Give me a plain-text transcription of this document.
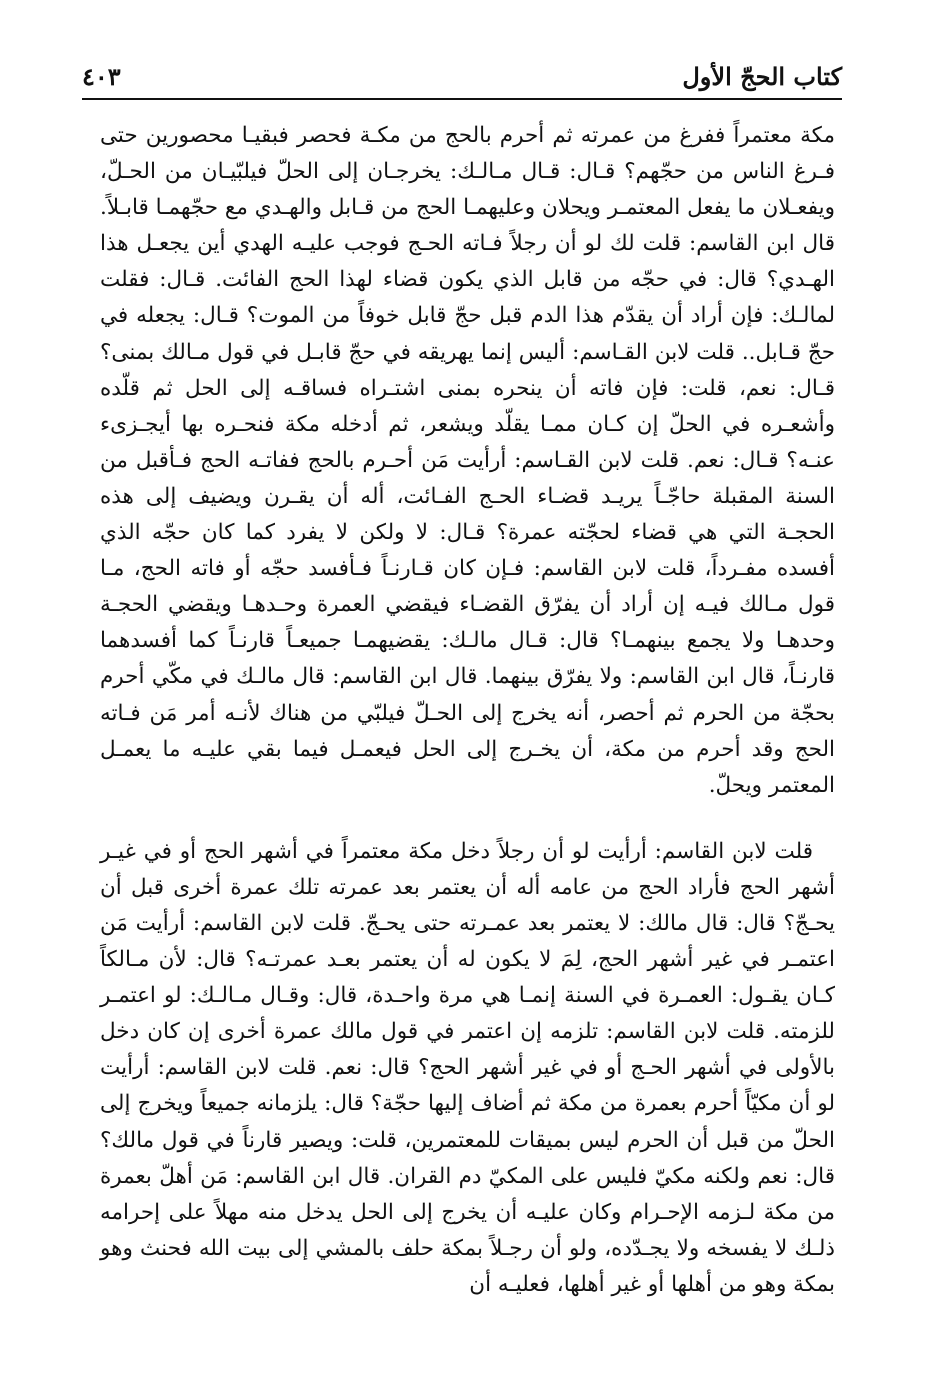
كتاب الحجّ الأول
٤٠٣

مكة معتمراً ففرغ من عمرته ثم أحرم بالحج من مكـة فحصر فبقيـا محصورين حتى فـرغ الناس من حجّهم؟ قـال: قـال مـالـك: يخرجـان إلى الحلّ فيلبّيـان من الحـلّ، ويفعـلان ما يفعل المعتمـر ويحلان وعليهمـا الحج من قـابل والهـدي مع حجّهمـا قابـلاً. قال ابن القاسم: قلت لك لو أن رجلاً فـاته الحـج فوجب عليـه الهدي أين يجعـل هذا الهـدي؟ قال: في حجّه من قابل الذي يكون قضاء لهذا الحج الفائت. قـال: فقلت لمالـك: فإن أراد أن يقدّم هذا الدم قبل حجّ قابل خوفاً من الموت؟ قـال: يجعله في حجّ قـابل.. قلت لابن القـاسم: أليس إنما يهريقه في حجّ قابـل في قول مـالك بمنى؟ قـال: نعم، قلت: فإن فاته أن ينحره بمنى اشتـراه فساقـه إلى الحل ثم قلّده وأشعـره في الحلّ إن كـان ممـا يقلّد ويشعر، ثم أدخله مكة فنحـره بها أيجـزىء عنـه؟ قـال: نعم. قلت لابن القـاسم: أرأيت مَن أحـرم بالحج ففاتـه الحج فـأقبل من السنة المقبلة حاجّـاً يريـد قضـاء الحـج الفـائت، أله أن يقـرن ويضيف إلى هذه الحجـة التي هي قضاء لحجّته عمرة؟ قـال: لا ولكن لا يفرد كما كان حجّه الذي أفسده مفـرداً، قلت لابن القاسم: فـإن كان قـارنـاً فـأفسد حجّه أو فاته الحج، مـا قول مـالك فيـه إن أراد أن يفرّق القضـاء فيقضي العمرة وحـدهـا ويقضي الحجـة وحدهـا ولا يجمع بينهمـا؟ قال: قـال مالـك: يقضيهمـا جميعـاً قارنـاً كما أفسدهما قارنـاً، قال ابن القاسم: ولا يفرّق بينهما. قال ابن القاسم: قال مالـك في مكّي أحرم بحجّة من الحرم ثم أحصر، أنه يخرج إلى الحـلّ فيلبّي من هناك لأنـه أمر مَن فـاته الحج وقد أحرم من مكة، أن يخـرج إلى الحل فيعمـل فيما بقي عليـه ما يعمـل المعتمر ويحلّ.

قلت لابن القاسم: أرأيت لو أن رجلاً دخل مكة معتمراً في أشهر الحج أو في غيـر أشهر الحج فأراد الحج من عامه أله أن يعتمر بعد عمرته تلك عمرة أخرى قبل أن يحـجّ؟ قال: قال مالك: لا يعتمر بعد عمـرته حتى يحـجّ. قلت لابن القاسم: أرأيت مَن اعتمـر في غير أشهر الحج، لِمَ لا يكون له أن يعتمر بعـد عمرتـه؟ قال: لأن مـالكاً كـان يقـول: العمـرة في السنة إنمـا هي مرة واحـدة، قال: وقـال مـالـك: لو اعتمـر للزمته. قلت لابن القاسم: تلزمه إن اعتمر في قول مالك عمرة أخرى إن كان دخل بالأولى في أشهر الحـج أو في غير أشهر الحج؟ قال: نعم. قلت لابن القاسم: أرأيت لو أن مكيّاً أحرم بعمرة من مكة ثم أضاف إليها حجّة؟ قال: يلزمانه جميعاً ويخرج إلى الحلّ من قبل أن الحرم ليس بميقات للمعتمرين، قلت: ويصير قارناً في قول مالك؟ قال: نعم ولكنه مكيّ فليس على المكيّ دم القران. قال ابن القاسم: مَن أهلّ بعمرة من مكة لـزمه الإحـرام وكان عليـه أن يخرج إلى الحل يدخل منه مهلاً على إحرامه ذلـك لا يفسخه ولا يجـدّده، ولو أن رجـلاً بمكة حلف بالمشي إلى بيت الله فحنث وهو بمكة وهو من أهلها أو غير أهلها، فعليـه أن
